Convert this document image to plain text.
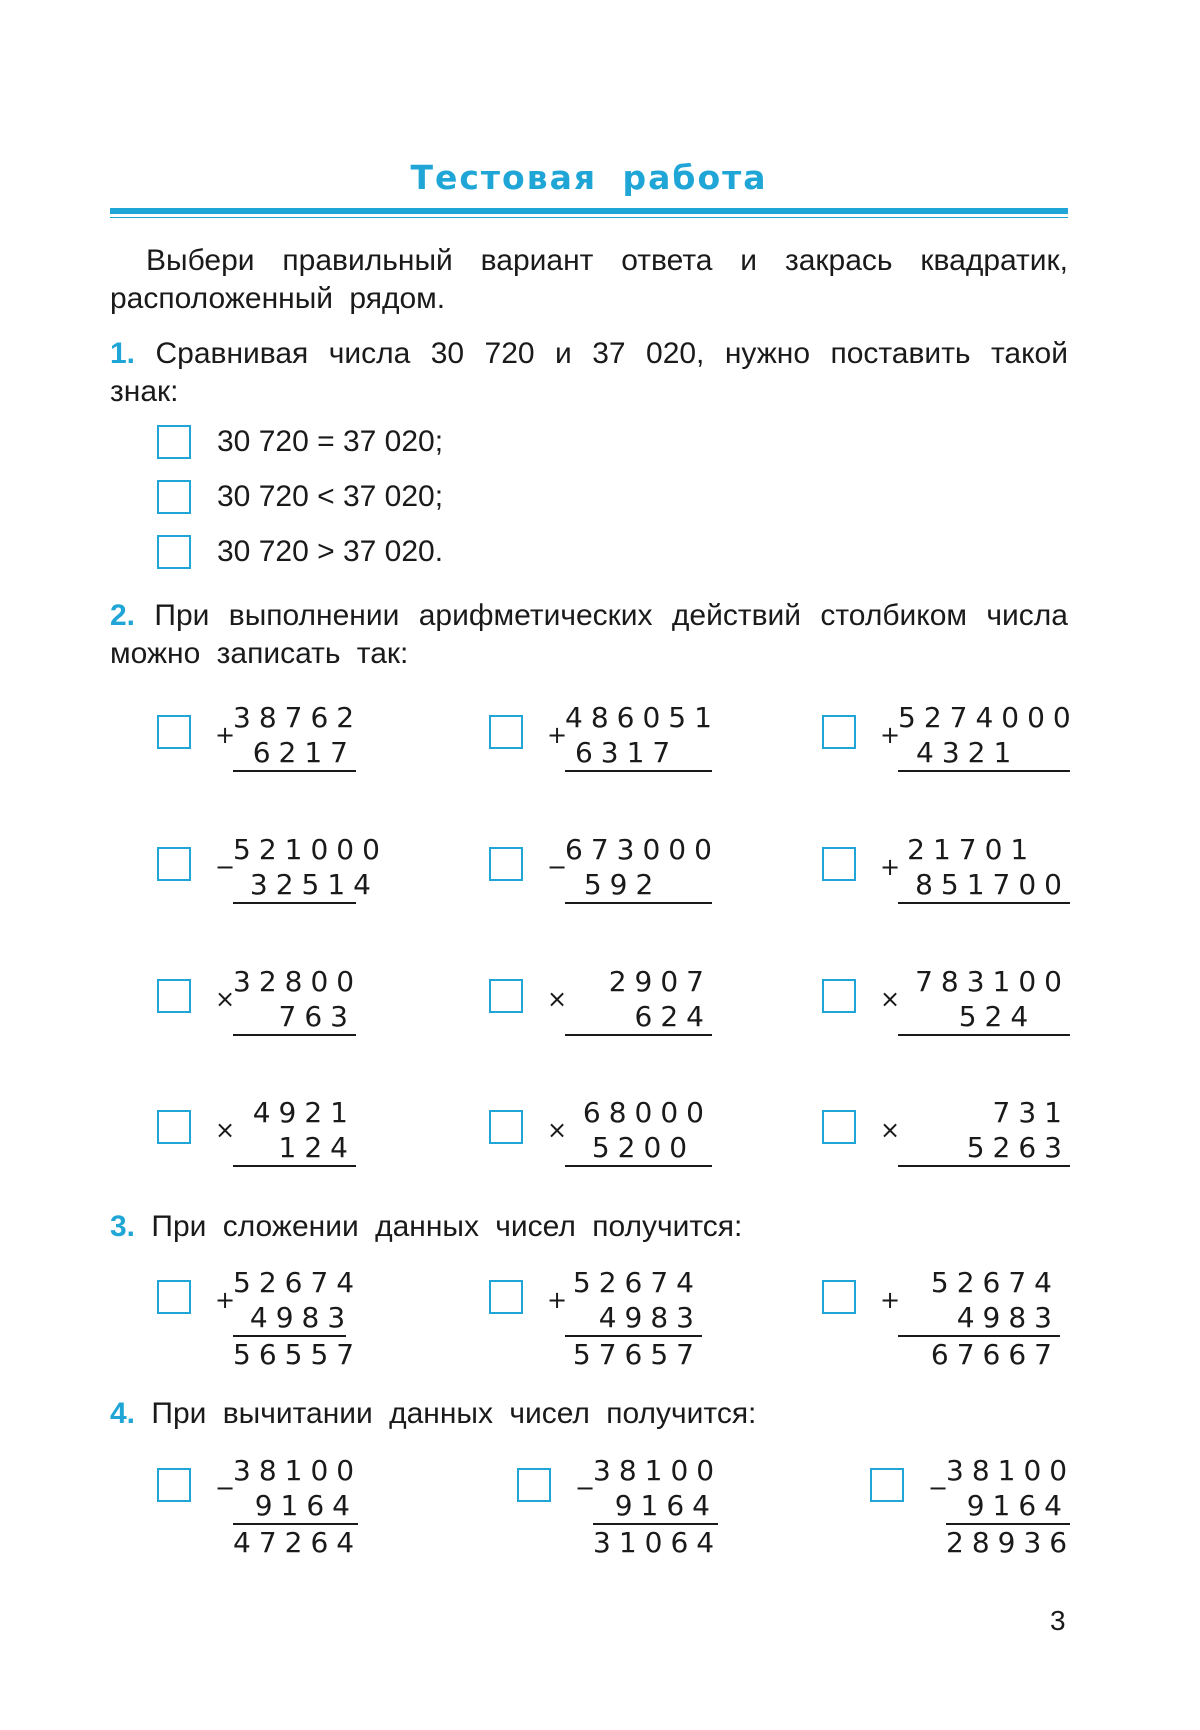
Тестовая работа
Выбери правильный вариант ответа и закрась квадратик, расположенный рядом.
1. Сравнивая числа 30 720 и 37 020, нужно поставить такой знак:
30 720 = 37 020;
30 720 < 37 020;
30 720 > 37 020.
2. При выполнении арифметических действий столбиком числа можно записать так:
+
38762
6217
+
486051
6317
+
5274000
4321
−
521000
32514
−
673000
592
+
21701
851700
×
32800
763
×
2907
624
×
783100
524
×
4921
124
×
68000
5200
×
731
5263
3. При сложении данных чисел получится:
+
52674
4983
56557
+
52674
4983
57657
+
52674
4983
67667
4. При вычитании данных чисел получится:
−
38100
9164
47264
−
38100
9164
31064
−
38100
9164
28936
3
